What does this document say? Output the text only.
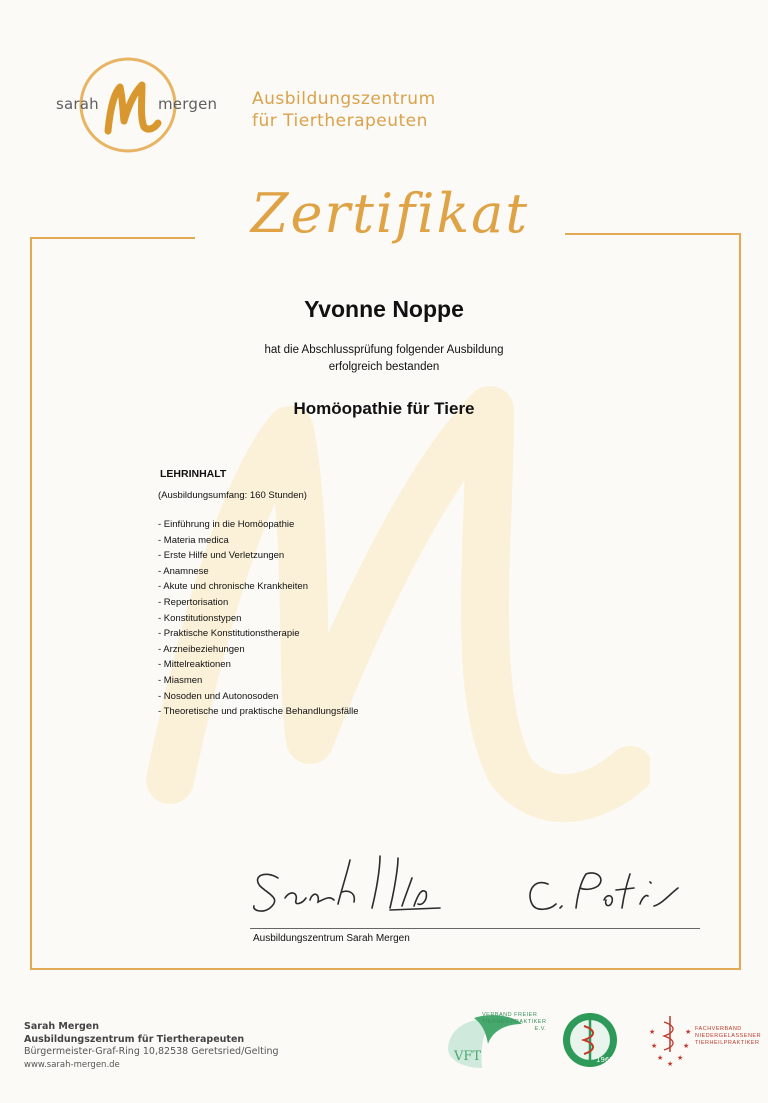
sarah	mergen Ausbildungszentrum
für Tiertherapeuten
Zertifikat
Yvonne Noppe
hat die Abschlussprüfung folgender Ausbildung
erfolgreich bestanden
Homöopathie für Tiere
LEHRINHALT
(Ausbildungsumfang: 160 Stunden)
- Einführung in die Homöopathie
- Materia medica
- Erste Hilfe und Verletzungen
- Anamnese
- Akute und chronische Krankheiten
- Repertorisation
- Konstitutionstypen
- Praktische Konstitutionstherapie
- Arzneibeziehungen
- Mittelreaktionen
- Miasmen
- Nosoden und Autonosoden
- Theoretische und praktische Behandlungsfälle
Ausbildungszentrum Sarah Mergen
Sarah Mergen
Ausbildungszentrum für Tiertherapeuten
Bürgermeister-Graf-Ring 10,82538 Geretsried/Gelting
www.sarah-mergen.de
VFT
VERBAND FREIER
TIERHEILPRAKTIKER
E.V.
1967
★	★
★	★
★ ★
★
FACHVERBAND
NIEDERGELASSENER
TIERHEILPRAKTIKER
